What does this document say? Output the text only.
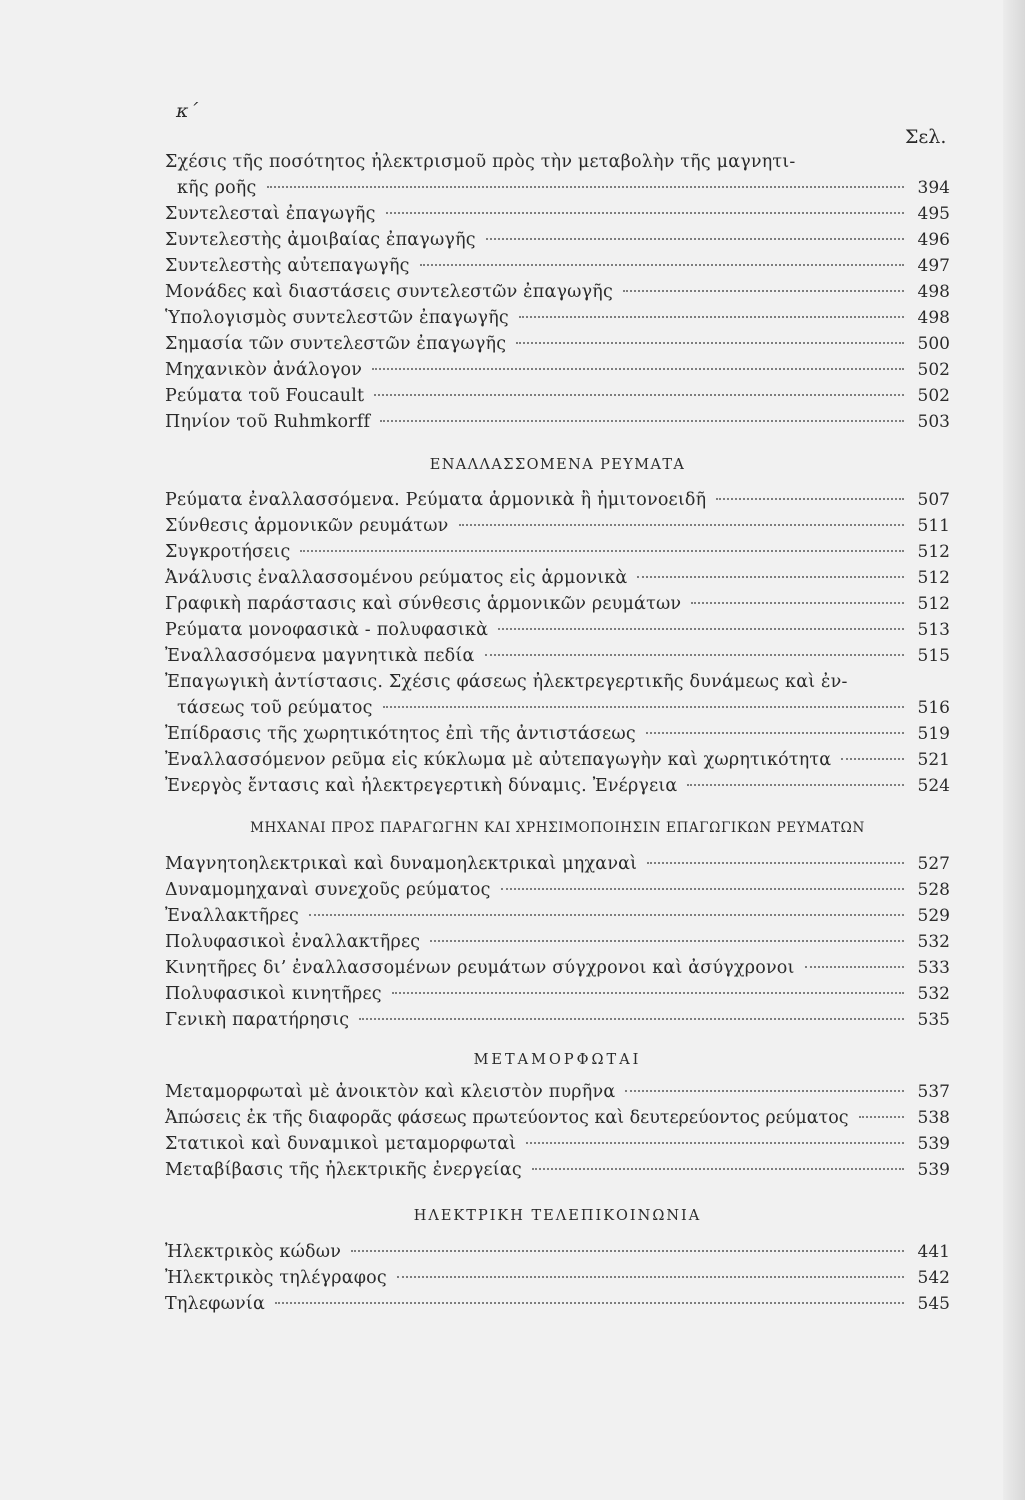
κ΄
Σελ.
Σχέσις τῆς ποσότητος ἠλεκτρισμοῦ πρὸς τὴν μεταβολὴν τῆς μαγνητι-
κῆς ροῆς	394
Συντελεσταὶ ἐπαγωγῆς	495
Συντελεστὴς ἀμοιβαίας ἐπαγωγῆς	496
Συντελεστὴς αὐτεπαγωγῆς	497
Μονάδες καὶ διαστάσεις συντελεστῶν ἐπαγωγῆς	498
Ὑπολογισμὸς συντελεστῶν ἐπαγωγῆς	498
Σημασία τῶν συντελεστῶν ἐπαγωγῆς	500
Μηχανικὸν ἀνάλογον	502
Ρεύματα τοῦ Foucault	502
Πηνίον τοῦ Ruhmkorff	503
ΕΝΑΛΛΑΣΣΟΜΕΝΑ ΡΕΥΜΑΤΑ
Ρεύματα ἐναλλασσόμενα. Ρεύματα ἁρμονικὰ ἢ ἡμιτονοειδῆ	507
Σύνθεσις ἁρμονικῶν ρευμάτων	511
Συγκροτήσεις	512
Ἀνάλυσις ἐναλλασσομένου ρεύματος εἰς ἁρμονικὰ	512
Γραφικὴ παράστασις καὶ σύνθεσις ἁρμονικῶν ρευμάτων	512
Ρεύματα μονοφασικὰ - πολυφασικὰ	513
Ἐναλλασσόμενα μαγνητικὰ πεδία	515
Ἐπαγωγικὴ ἀντίστασις. Σχέσις φάσεως ἠλεκτρεγερτικῆς δυνάμεως καὶ ἐν-
τάσεως τοῦ ρεύματος	516
Ἐπίδρασις τῆς χωρητικότητος ἐπὶ τῆς ἀντιστάσεως	519
Ἐναλλασσόμενον ρεῦμα εἰς κύκλωμα μὲ αὐτεπαγωγὴν καὶ χωρητικότητα	521
Ἐνεργὸς ἔντασις καὶ ἠλεκτρεγερτικὴ δύναμις. Ἐνέργεια	524
ΜΗΧΑΝΑΙ ΠΡΟΣ ΠΑΡΑΓΩΓΗΝ ΚΑΙ ΧΡΗΣΙΜΟΠΟΙΗΣΙΝ ΕΠΑΓΩΓΙΚΩΝ ΡΕΥΜΑΤΩΝ
Μαγνητοηλεκτρικαὶ καὶ δυναμοηλεκτρικαὶ μηχαναὶ	527
Δυναμομηχαναὶ συνεχοῦς ρεύματος	528
Ἐναλλακτῆρες	529
Πολυφασικοὶ ἐναλλακτῆρες	532
Κινητῆρες δι’ ἐναλλασσομένων ρευμάτων σύγχρονοι καὶ ἀσύγχρονοι	533
Πολυφασικοὶ κινητῆρες	532
Γενικὴ παρατήρησις	535
ΜΕΤΑΜΟΡΦΩΤΑΙ
Μεταμορφωταὶ μὲ ἀνοικτὸν καὶ κλειστὸν πυρῆνα	537
Ἀπώσεις ἐκ τῆς διαφορᾶς φάσεως πρωτεύοντος καὶ δευτερεύοντος ρεύματος	538
Στατικοὶ καὶ δυναμικοὶ μεταμορφωταὶ	539
Μεταβίβασις τῆς ἠλεκτρικῆς ἐνεργείας	539
ΗΛΕΚΤΡΙΚΗ ΤΕΛΕΠΙΚΟΙΝΩΝΙΑ
Ἠλεκτρικὸς κώδων	441
Ἠλεκτρικὸς τηλέγραφος	542
Τηλεφωνία	545
